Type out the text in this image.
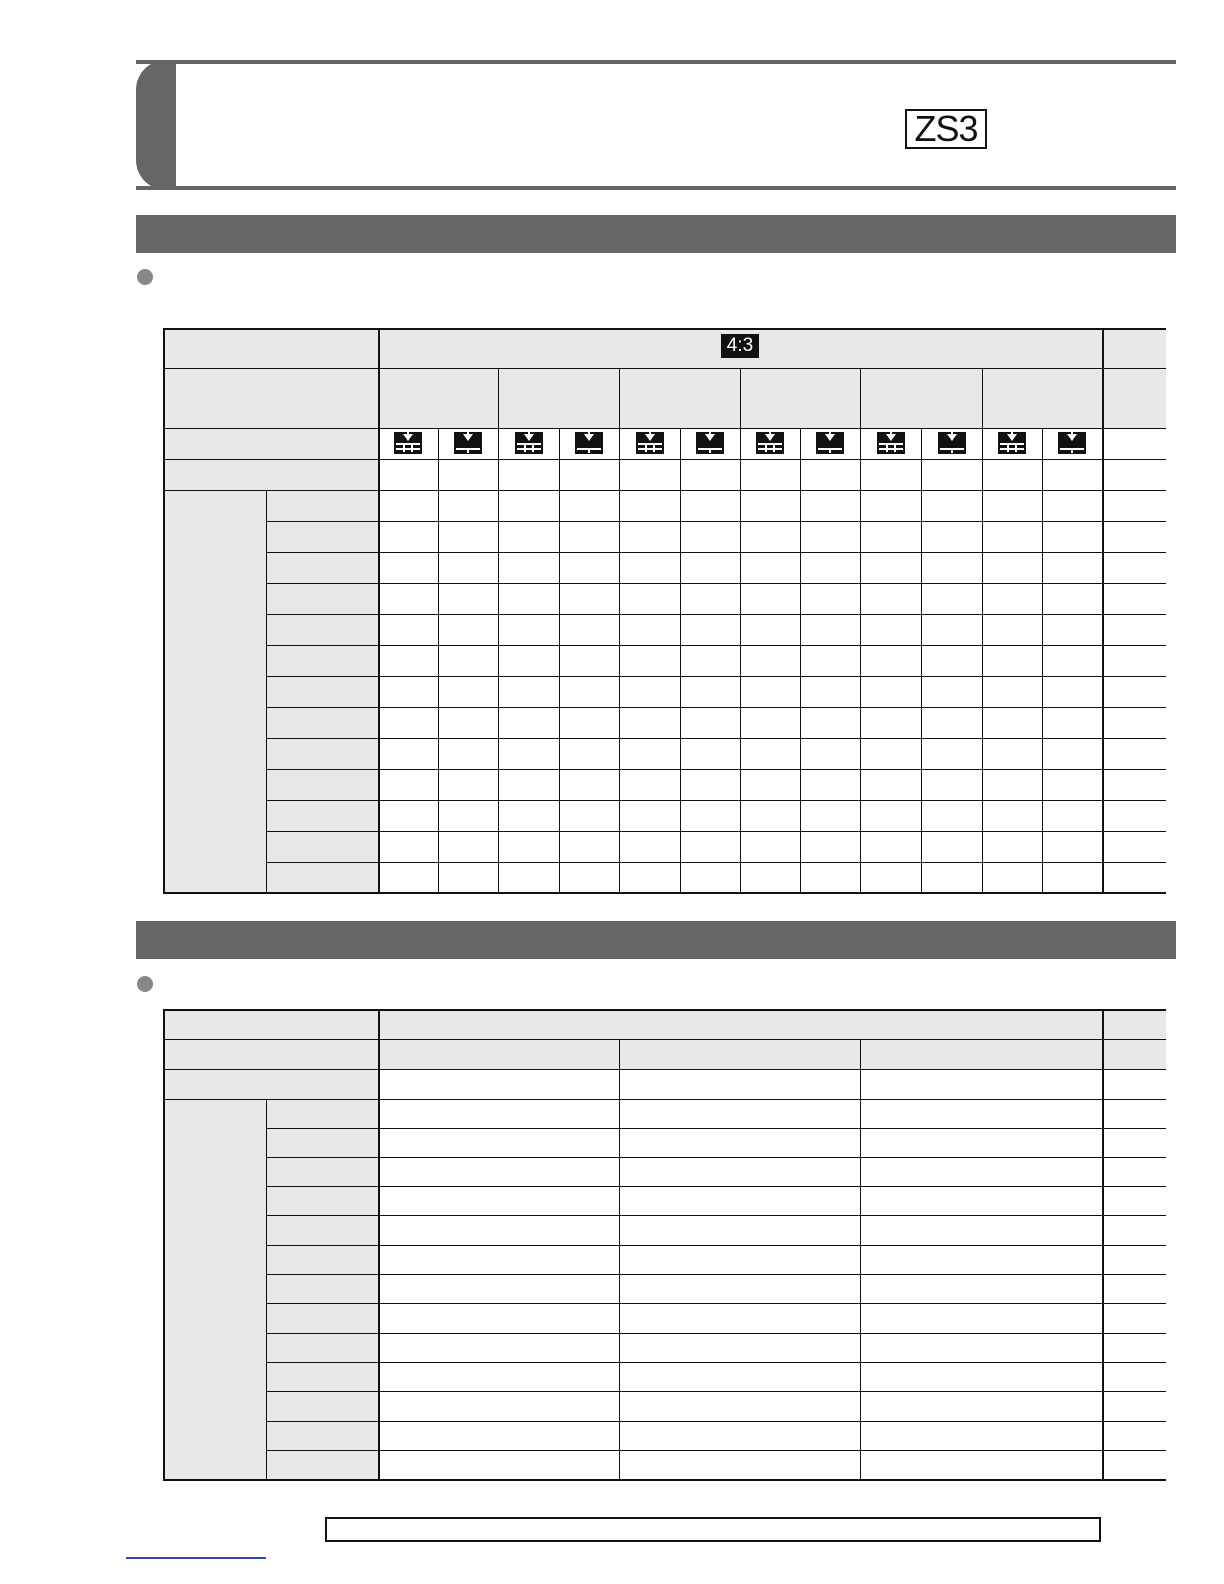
ZS3
4:3
